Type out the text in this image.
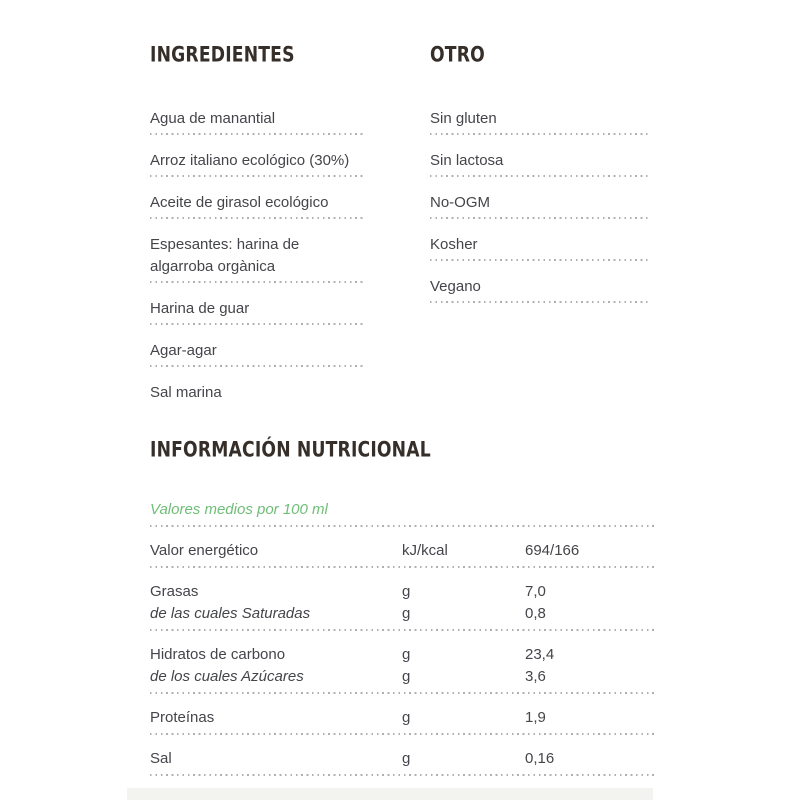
INGREDIENTES
Agua de manantial
Arroz italiano ecológico (30%)
Aceite de girasol ecológico
Espesantes: harina de algarroba orgànica
Harina de guar
Agar-agar
Sal marina
OTRO
Sin gluten
Sin lactosa
No-OGM
Kosher
Vegano
INFORMACIÓN NUTRICIONAL
Valores medios por 100 ml
Valor energético	kJ/kcal	694/166
Grasas	g	7,0
de las cuales Saturadas	g	0,8
Hidratos de carbono	g	23,4
de los cuales Azúcares	g	3,6
Proteínas	g	1,9
Sal	g	0,16
